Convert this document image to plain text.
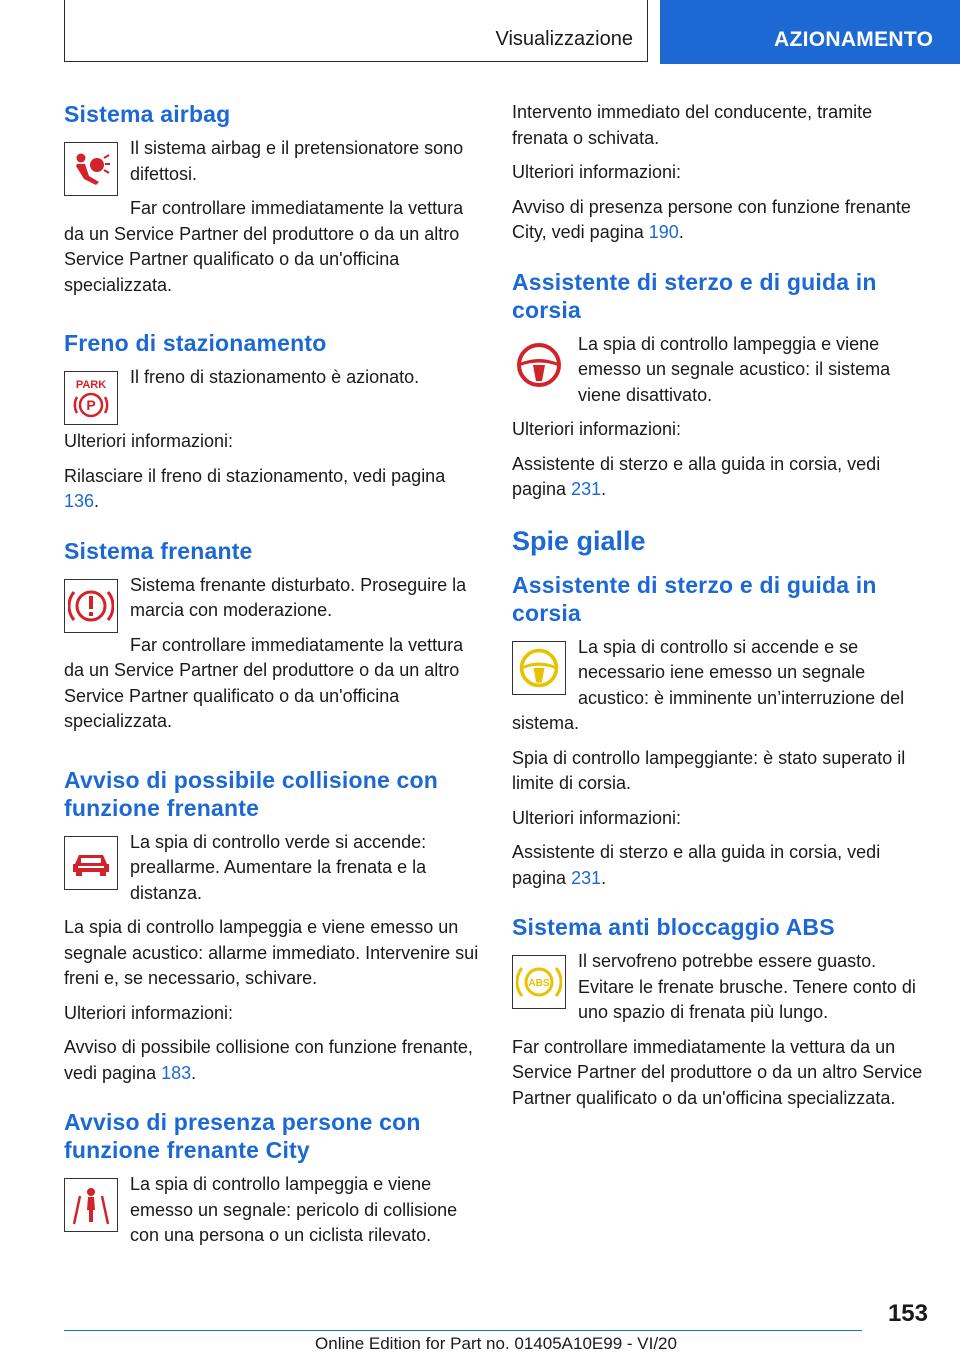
Visualizzazione	AZIONAMENTO
Sistema airbag

Il sistema airbag e il pretensionatore sono difettosi.

Far controllare immediatamente la vettura da un Service Partner del produttore o da un altro Service Partner qualificato o da un'officina specializzata.

Freno di stazionamento
PARK
P

Il freno di stazionamento è azionato.

Ulteriori informazioni:

Rilasciare il freno di stazionamento, vedi pagina 136.

Sistema frenante

Sistema frenante disturbato. Proseguire la marcia con moderazione.

Far controllare immediatamente la vettura da un Service Partner del produttore o da un altro Service Partner qualificato o da un'officina specializzata.

Avviso di possibile collisione con funzione frenante

La spia di controllo verde si accende: preallarme. Aumentare la frenata e la distanza.

La spia di controllo lampeggia e viene emesso un segnale acustico: allarme immediato. Intervenire sui freni e, se necessario, schivare.

Ulteriori informazioni:

Avviso di possibile collisione con funzione frenante, vedi pagina 183.

Avviso di presenza persone con funzione frenante City

La spia di controllo lampeggia e viene emesso un segnale: pericolo di collisione con una persona o un ciclista rilevato.

Intervento immediato del conducente, tramite frenata o schivata.

Ulteriori informazioni:

Avviso di presenza persone con funzione frenante City, vedi pagina 190.

Assistente di sterzo e di guida in corsia

La spia di controllo lampeggia e viene emesso un segnale acustico: il sistema viene disattivato.

Ulteriori informazioni:

Assistente di sterzo e alla guida in corsia, vedi pagina 231.

Spie gialle
Assistente di sterzo e di guida in corsia

La spia di controllo si accende e se necessario iene emesso un segnale acustico: è imminente un’interruzione del sistema.

Spia di controllo lampeggiante: è stato superato il limite di corsia.

Ulteriori informazioni:

Assistente di sterzo e alla guida in corsia, vedi pagina 231.

Sistema anti bloccaggio ABS
ABS

Il servofreno potrebbe essere guasto. Evitare le frenate brusche. Tenere conto di uno spazio di frenata più lungo.

Far controllare immediatamente la vettura da un Service Partner del produttore o da un altro Service Partner qualificato o da un'officina specializzata.

153
Online Edition for Part no. 01405A10E99 - VI/20
